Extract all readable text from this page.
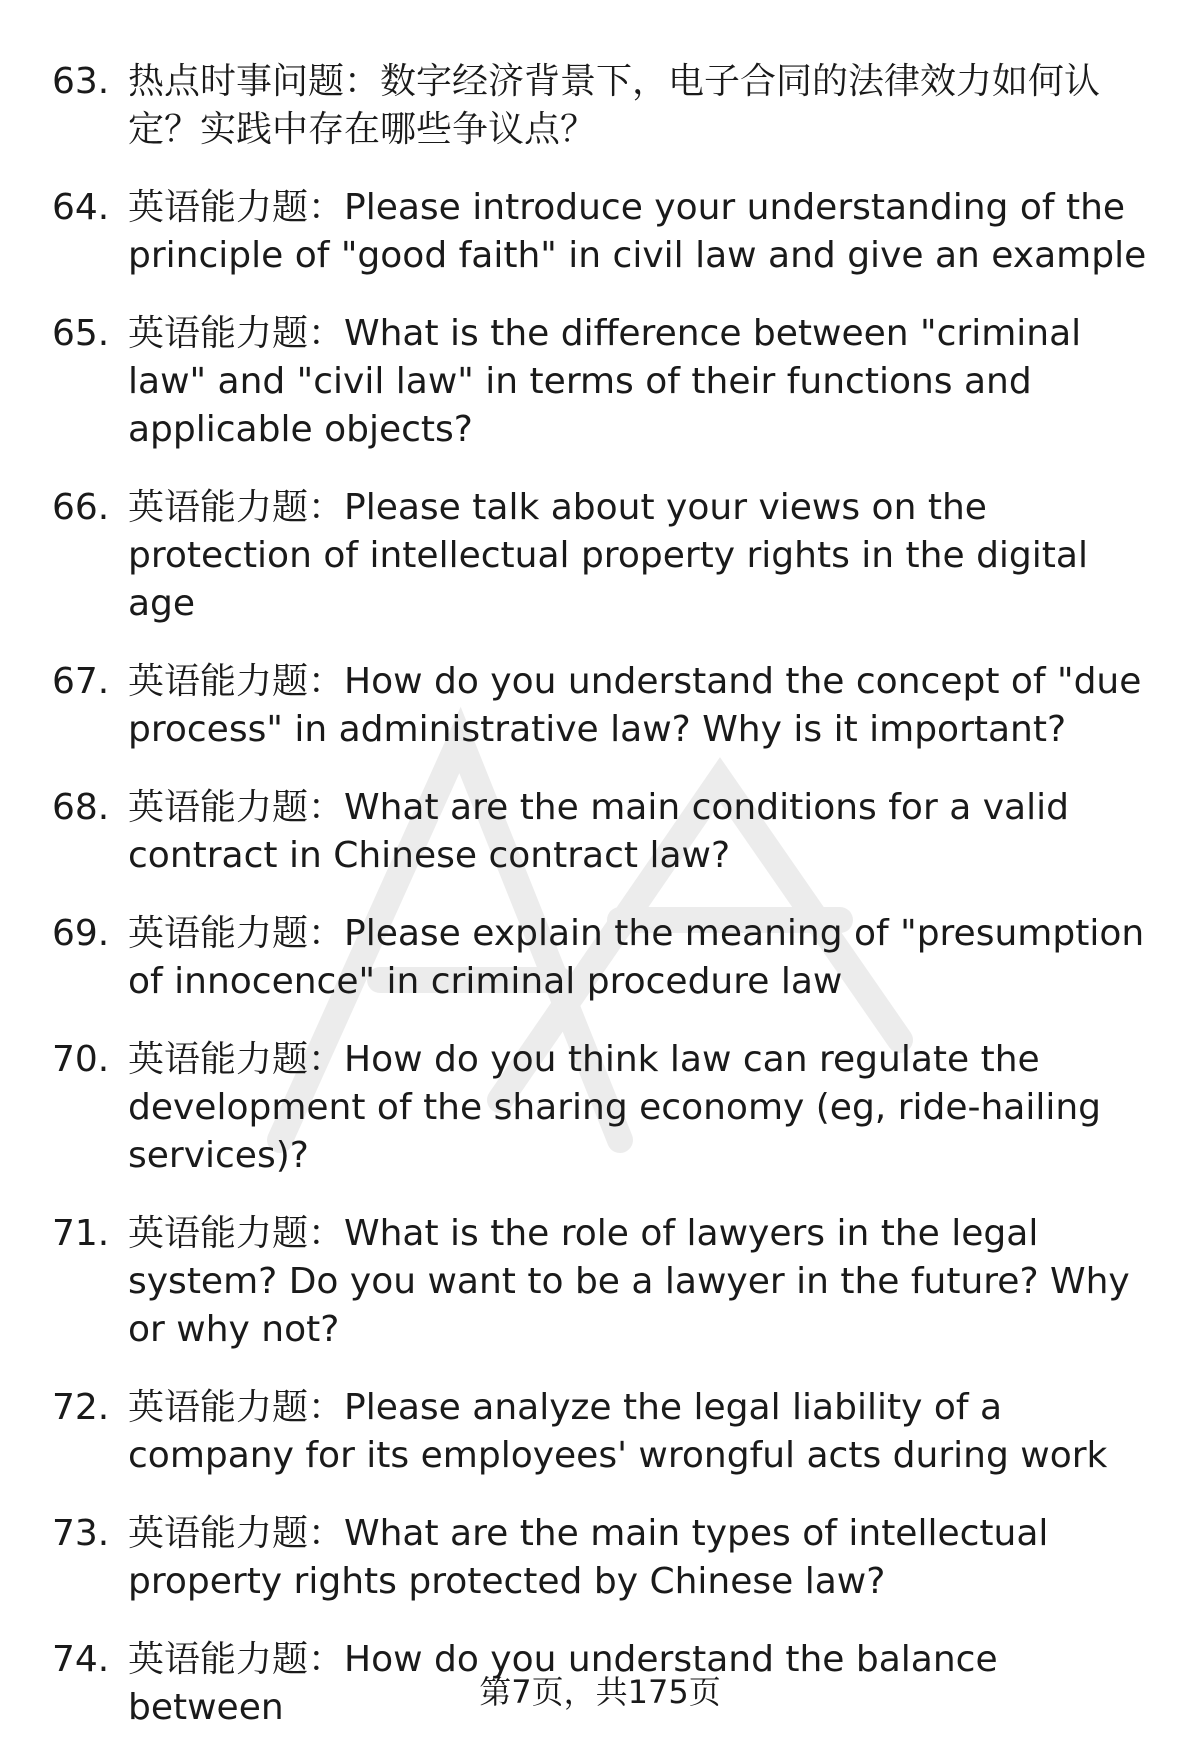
63. 热点时事问题：数字经济背景下，电子合同的法律效力如何认定？实践中存在哪些争议点？
64. 英语能力题：Please introduce your understanding of the principle of "good faith" in civil law and give an example
65. 英语能力题：What is the difference between "criminal law" and "civil law" in terms of their functions and applicable objects?
66. 英语能力题：Please talk about your views on the protection of intellectual property rights in the digital age
67. 英语能力题：How do you understand the concept of "due process" in administrative law? Why is it important?
68. 英语能力题：What are the main conditions for a valid contract in Chinese contract law?
69. 英语能力题：Please explain the meaning of "presumption of innocence" in criminal procedure law
70. 英语能力题：How do you think law can regulate the development of the sharing economy (eg, ride-hailing services)?
71. 英语能力题：What is the role of lawyers in the legal system? Do you want to be a lawyer in the future? Why or why not?
72. 英语能力题：Please analyze the legal liability of a company for its employees' wrongful acts during work
73. 英语能力题：What are the main types of intellectual property rights protected by Chinese law?
74. 英语能力题：How do you understand the balance between	第7页，共175页
